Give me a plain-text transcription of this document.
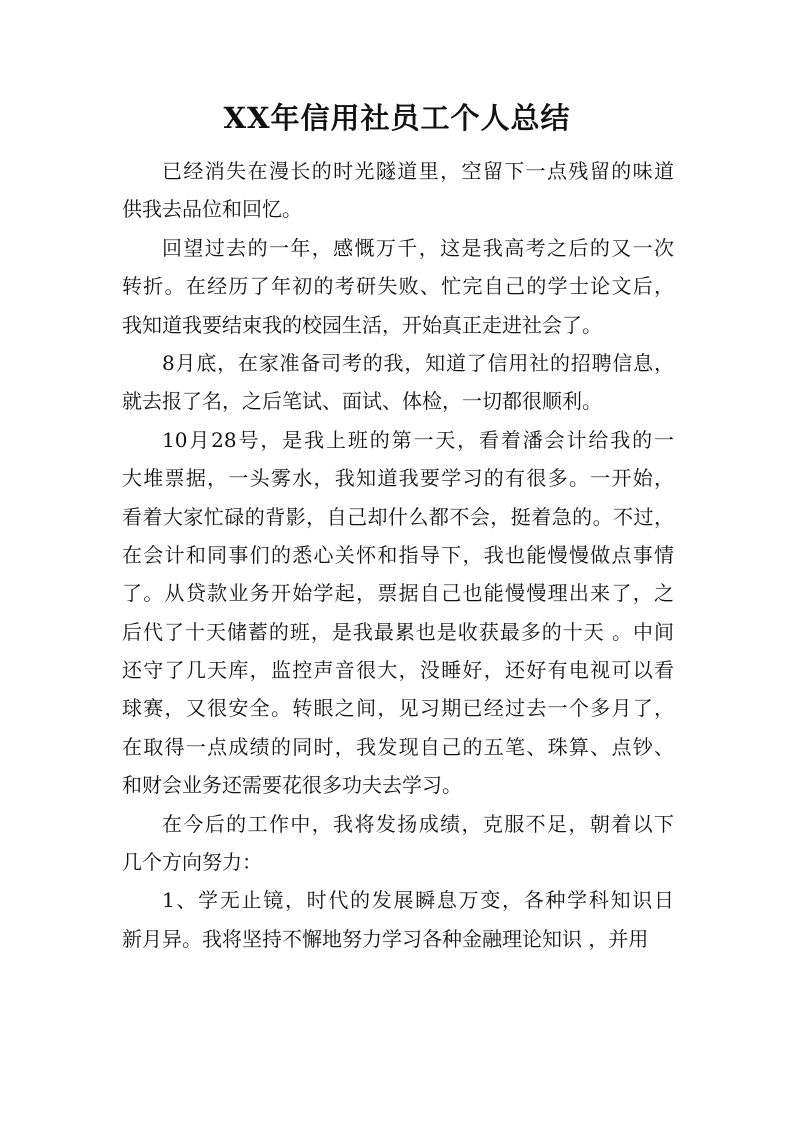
XX年信用社员工个人总结
已经消失在漫长的时光隧道里，空留下一点残留的味道
供我去品位和回忆。
回望过去的一年，感慨万千，这是我高考之后的又一次
转折。在经历了年初的考研失败、忙完自己的学士论文后，
我知道我要结束我的校园生活，开始真正走进社会了。
8月底，在家准备司考的我，知道了信用社的招聘信息，
就去报了名，之后笔试、面试、体检，一切都很顺利。
10月28号，是我上班的第一天，看着潘会计给我的一
大堆票据，一头雾水，我知道我要学习的有很多。一开始，
看着大家忙碌的背影，自己却什么都不会，挺着急的。不过，
在会计和同事们的悉心关怀和指导下，我也能慢慢做点事情
了。从贷款业务开始学起，票据自己也能慢慢理出来了，之
后代了十天储蓄的班，是我最累也是收获最多的十天 。中间
还守了几天库，监控声音很大，没睡好，还好有电视可以看
球赛，又很安全。转眼之间，见习期已经过去一个多月了，
在取得一点成绩的同时，我发现自己的五笔、珠算、点钞、
和财会业务还需要花很多功夫去学习。
在今后的工作中，我将发扬成绩，克服不足，朝着以下
几个方向努力：
1、学无止镜，时代的发展瞬息万变，各种学科知识日
新月异。我将坚持不懈地努力学习各种金融理论知识 ，并用
